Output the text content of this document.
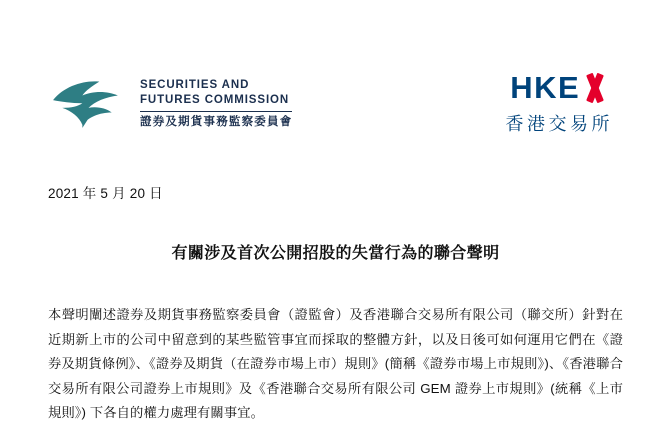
SECURITIES AND
FUTURES COMMISSION
證券及期貨事務監察委員會
HKE
香港交易所
2021 年 5 月 20 日
有關涉及首次公開招股的失當行為的聯合聲明
本聲明闡述證券及期貨事務監察委員會（證監會）及香港聯合交易所有限公司（聯交所）針對在近期新上市的公司中留意到的某些監管事宜而採取的整體方針，以及日後可如何運用它們在《證券及期貨條例》、《證券及期貨（在證券市場上市）規則》(簡稱《證券市場上市規則》)、《香港聯合交易所有限公司證券上市規則》及《香港聯合交易所有限公司 GEM 證券上市規則》(統稱《上市規則》) 下各自的權力處理有關事宜。
